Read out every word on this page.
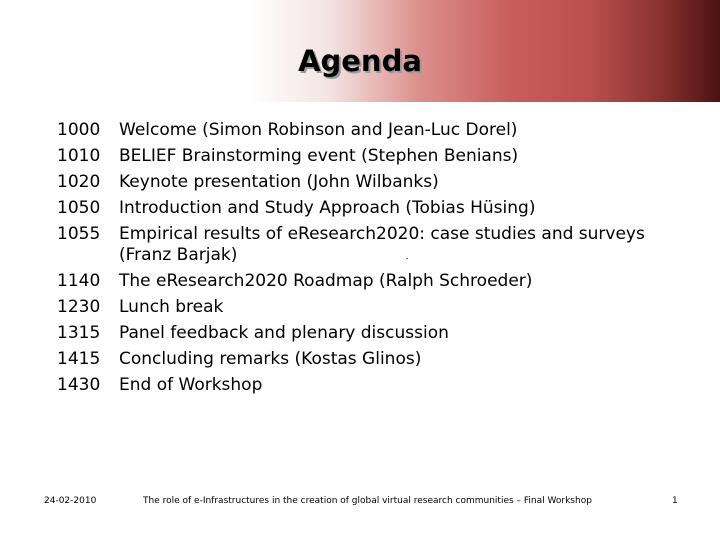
Agenda
1000	Welcome (Simon Robinson and Jean-Luc Dorel)
1010	BELIEF Brainstorming event (Stephen Benians)
1020	Keynote presentation (John Wilbanks)
1050	Introduction and Study Approach (Tobias Hüsing)
1055	Empirical results of eResearch2020: case studies and surveys (Franz Barjak)
1140	The eResearch2020 Roadmap (Ralph Schroeder)
1230	Lunch break
1315	Panel feedback and plenary discussion
1415	Concluding remarks (Kostas Glinos)
1430	End of Workshop
24-02-2010	The role of e-Infrastructures in the creation of global virtual research communities – Final Workshop	1
